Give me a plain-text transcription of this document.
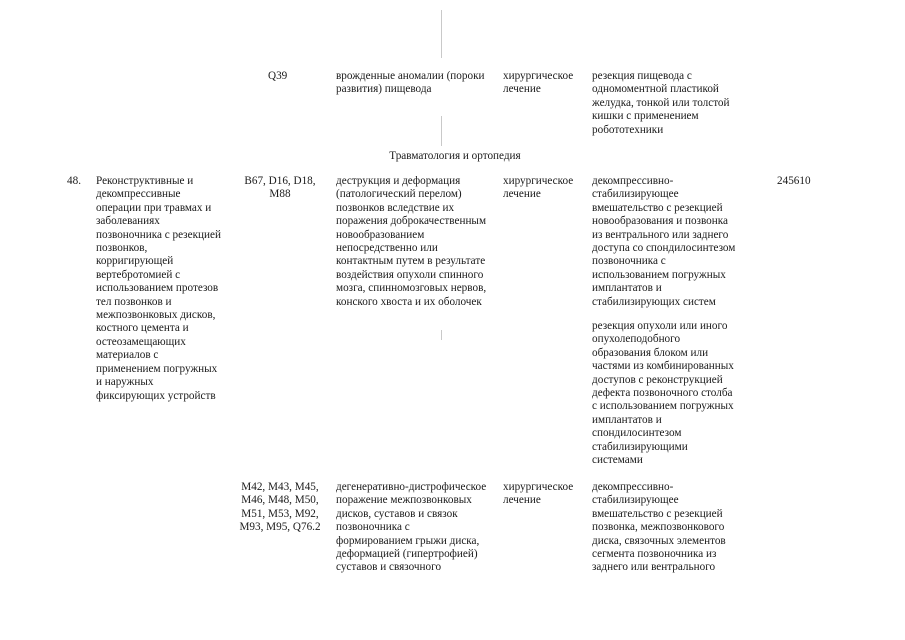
Q39	врожденные аномалии (пороки
развития) пищевода
хирургическое
лечение
резекция пищевода с
одномоментной пластикой
желудка, тонкой или толстой
кишки с применением
робототехники
Травматология и ортопедия
48. Реконструктивные и
декомпрессивные
операции при травмах и
заболеваниях
позвоночника с резекцией
позвонков,
корригирующей
вертебротомией с
использованием протезов
тел позвонков и
межпозвонковых дисков,
костного цемента и
остеозамещающих
материалов с
применением погружных
и наружных
фиксирующих устройств
В67, D16, D18,
М88
деструкция и деформация
(патологический перелом)
позвонков вследствие их
поражения доброкачественным
новообразованием
непосредственно или
контактным путем в результате
воздействия опухоли спинного
мозга, спинномозговых нервов,
конского хвоста и их оболочек
хирургическое
лечение
декомпрессивно-
стабилизирующее
вмешательство с резекцией
новообразования и позвонка
из вентрального или заднего
доступа со спондилосинтезом
позвоночника с
использованием погружных
имплантатов и
стабилизирующих систем
резекция опухоли или иного
опухолеподобного
образования блоком или
частями из комбинированных
доступов с реконструкцией
дефекта позвоночного столба
с использованием погружных
имплантатов и
спондилосинтезом
стабилизирующими
системами
245610
М42, М43, М45,
М46, М48, М50,
М51, М53, М92,
М93, М95, Q76.2
дегенеративно-дистрофическое
поражение межпозвонковых
дисков, суставов и связок
позвоночника с
формированием грыжи диска,
деформацией (гипертрофией)
суставов и связочного
хирургическое
лечение
декомпрессивно-
стабилизирующее
вмешательство с резекцией
позвонка, межпозвонкового
диска, связочных элементов
сегмента позвоночника из
заднего или вентрального
